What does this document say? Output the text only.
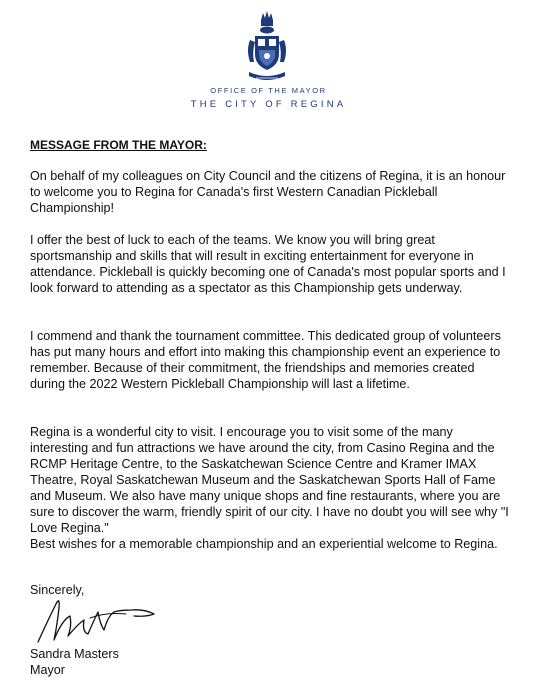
OFFICE OF THE MAYOR
THE CITY OF REGINA
MESSAGE FROM THE MAYOR:

On behalf of my colleagues on City Council and the citizens of Regina, it is an honour to welcome you to Regina for Canada's first Western Canadian Pickleball Championship!

I offer the best of luck to each of the teams. We know you will bring great sportsmanship and skills that will result in exciting entertainment for everyone in attendance. Pickleball is quickly becoming one of Canada's most popular sports and I look forward to attending as a spectator as this Championship gets underway.

I commend and thank the tournament committee. This dedicated group of volunteers has put many hours and effort into making this championship event an experience to remember. Because of their commitment, the friendships and memories created during the 2022 Western Pickleball Championship will last a lifetime.

Regina is a wonderful city to visit. I encourage you to visit some of the many interesting and fun attractions we have around the city, from Casino Regina and the RCMP Heritage Centre, to the Saskatchewan Science Centre and Kramer IMAX Theatre, Royal Saskatchewan Museum and the Saskatchewan Sports Hall of Fame and Museum. We also have many unique shops and fine restaurants, where you are sure to discover the warm, friendly spirit of our city. I have no doubt you will see why "I Love Regina."

Best wishes for a memorable championship and an experiential welcome to Regina.

Sincerely,

Sandra Masters

Mayor
